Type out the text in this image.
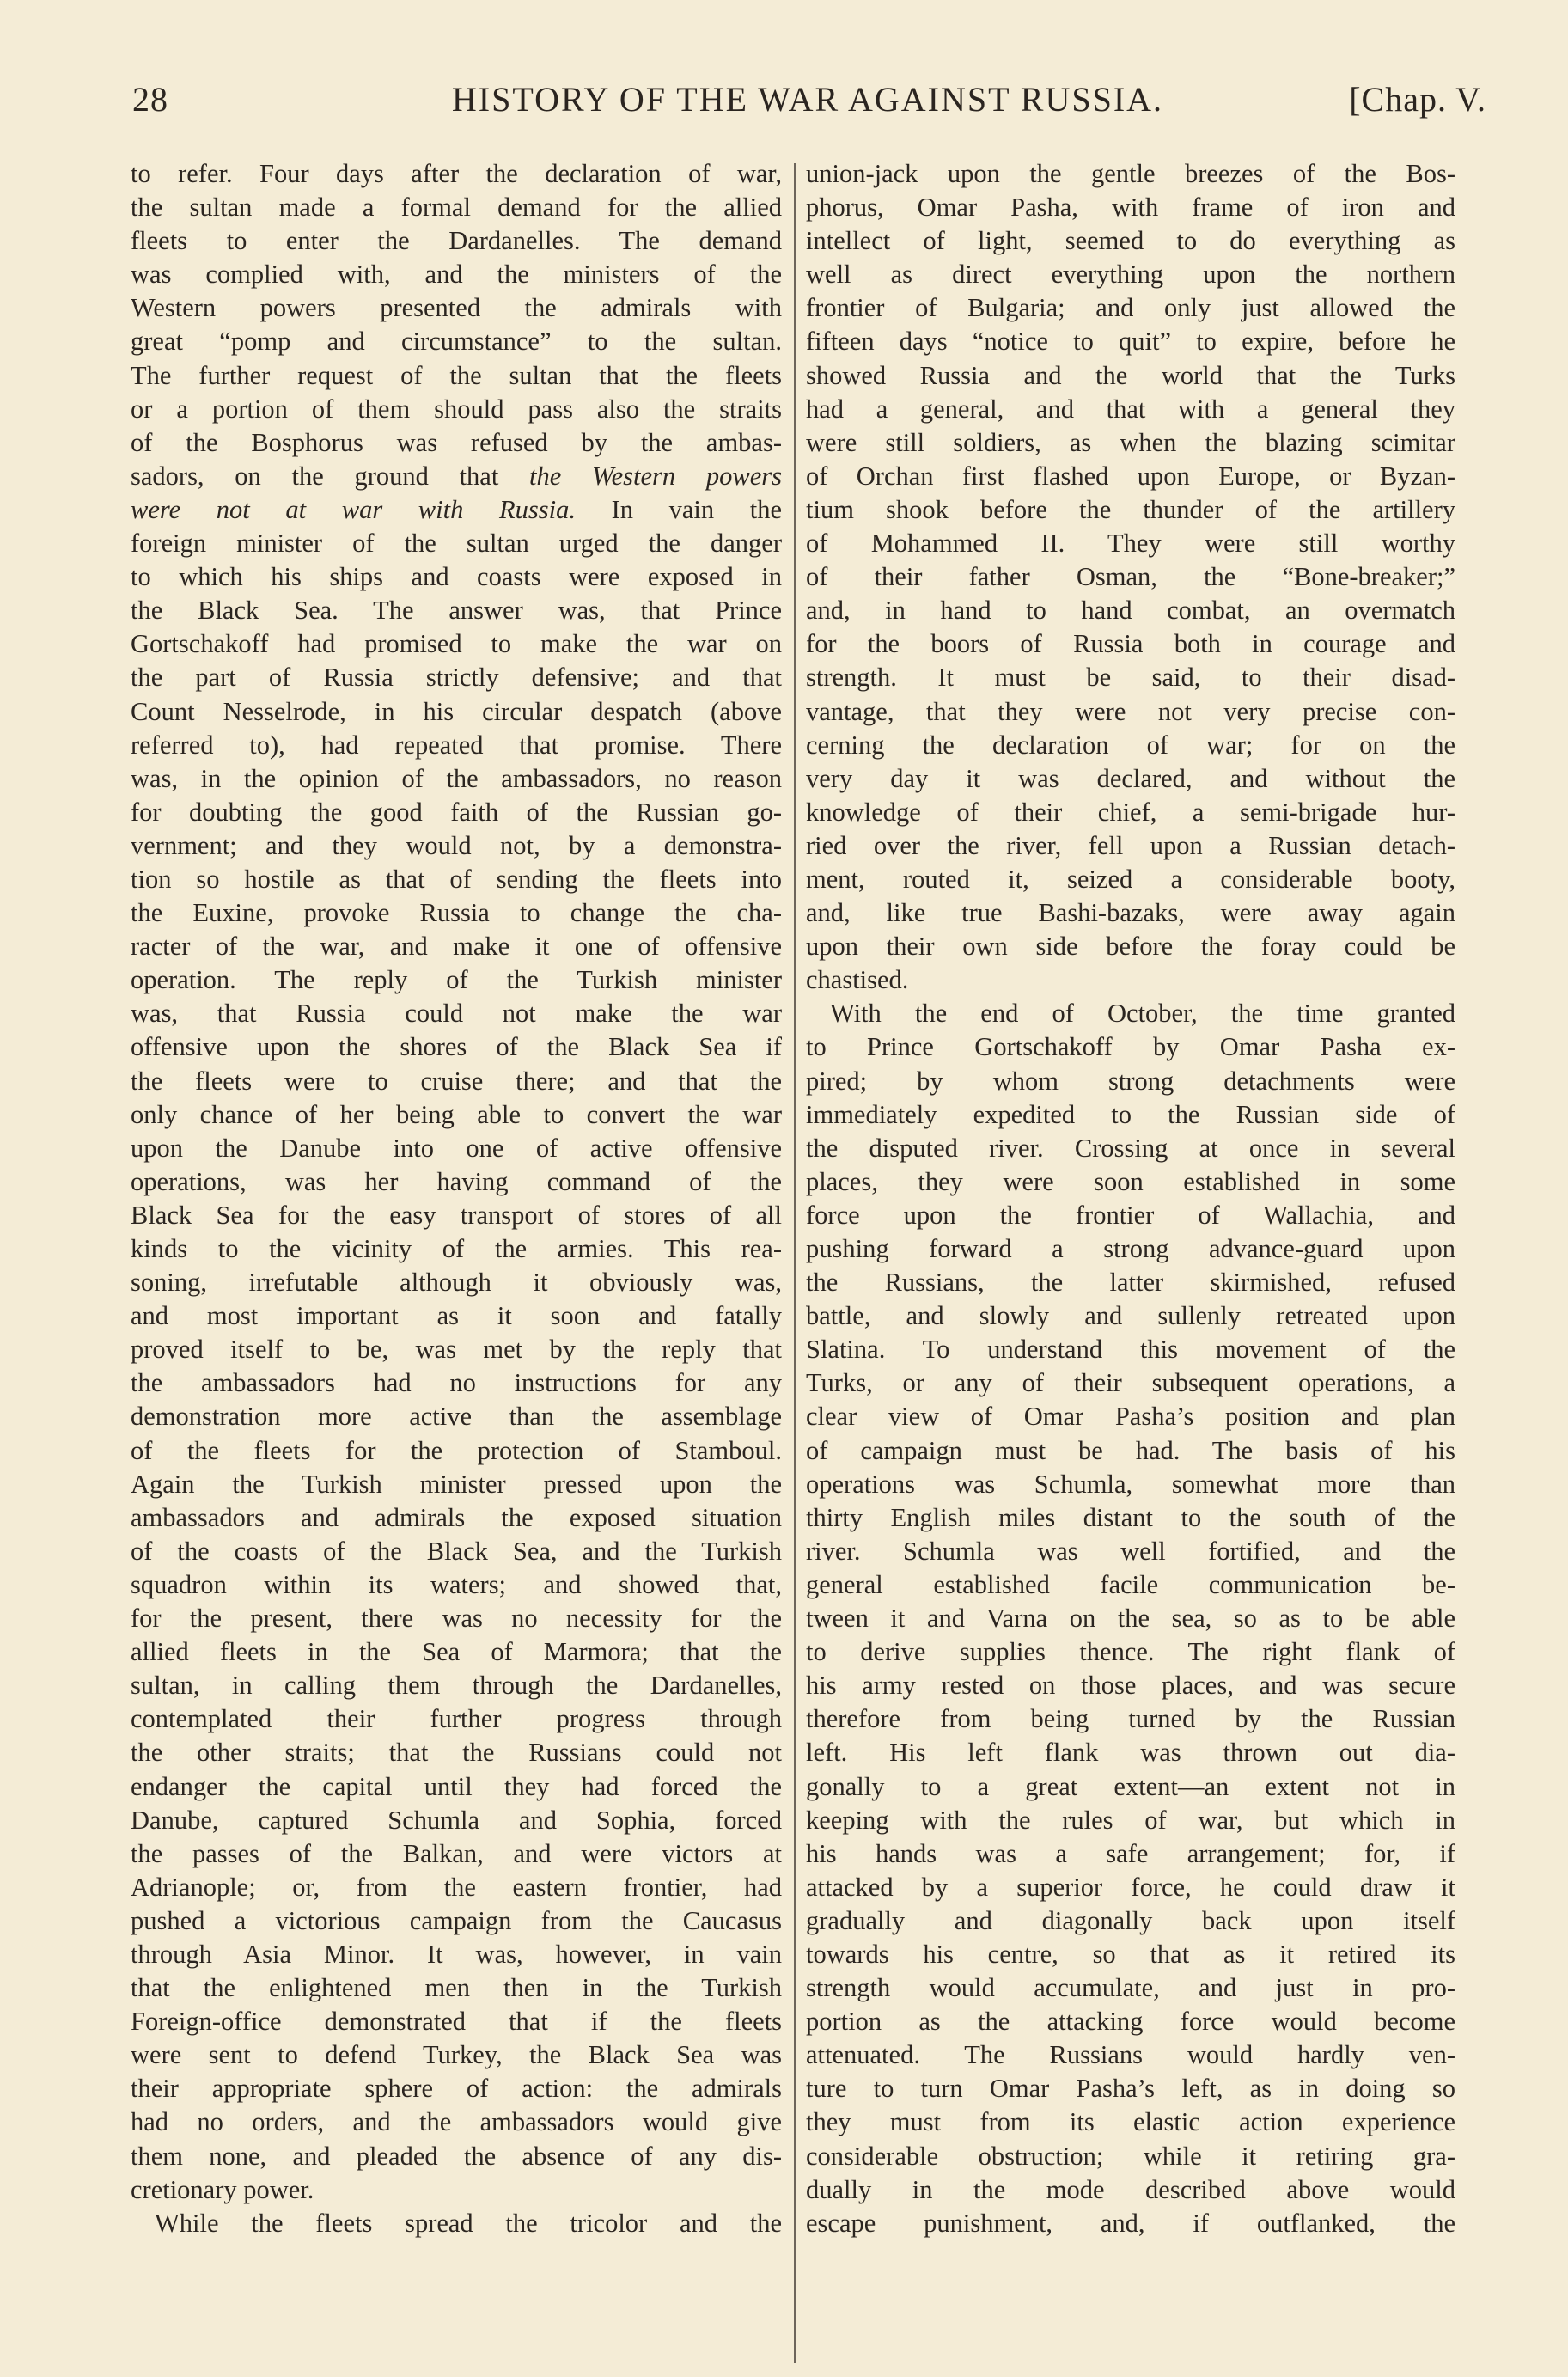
28	HISTORY OF THE WAR AGAINST RUSSIA.	[Chap. V.
to refer. Four days after the declaration of war,
the sultan made a formal demand for the allied
fleets to enter the Dardanelles. The demand
was complied with, and the ministers of the
Western powers presented the admirals with
great “pomp and circumstance” to the sultan.
The further request of the sultan that the fleets
or a portion of them should pass also the straits
of the Bosphorus was refused by the ambas-
sadors, on the ground that the Western powers
were not at war with Russia. In vain the
foreign minister of the sultan urged the danger
to which his ships and coasts were exposed in
the Black Sea. The answer was, that Prince
Gortschakoff had promised to make the war on
the part of Russia strictly defensive; and that
Count Nesselrode, in his circular despatch (above
referred to), had repeated that promise. There
was, in the opinion of the ambassadors, no reason
for doubting the good faith of the Russian go-
vernment; and they would not, by a demonstra-
tion so hostile as that of sending the fleets into
the Euxine, provoke Russia to change the cha-
racter of the war, and make it one of offensive
operation. The reply of the Turkish minister
was, that Russia could not make the war
offensive upon the shores of the Black Sea if
the fleets were to cruise there; and that the
only chance of her being able to convert the war
upon the Danube into one of active offensive
operations, was her having command of the
Black Sea for the easy transport of stores of all
kinds to the vicinity of the armies. This rea-
soning, irrefutable although it obviously was,
and most important as it soon and fatally
proved itself to be, was met by the reply that
the ambassadors had no instructions for any
demonstration more active than the assemblage
of the fleets for the protection of Stamboul.
Again the Turkish minister pressed upon the
ambassadors and admirals the exposed situation
of the coasts of the Black Sea, and the Turkish
squadron within its waters; and showed that,
for the present, there was no necessity for the
allied fleets in the Sea of Marmora; that the
sultan, in calling them through the Dardanelles,
contemplated their further progress through
the other straits; that the Russians could not
endanger the capital until they had forced the
Danube, captured Schumla and Sophia, forced
the passes of the Balkan, and were victors at
Adrianople; or, from the eastern frontier, had
pushed a victorious campaign from the Caucasus
through Asia Minor. It was, however, in vain
that the enlightened men then in the Turkish
Foreign-office demonstrated that if the fleets
were sent to defend Turkey, the Black Sea was
their appropriate sphere of action: the admirals
had no orders, and the ambassadors would give
them none, and pleaded the absence of any dis-
cretionary power.
While the fleets spread the tricolor and the
union-jack upon the gentle breezes of the Bos-
phorus, Omar Pasha, with frame of iron and
intellect of light, seemed to do everything as
well as direct everything upon the northern
frontier of Bulgaria; and only just allowed the
fifteen days “notice to quit” to expire, before he
showed Russia and the world that the Turks
had a general, and that with a general they
were still soldiers, as when the blazing scimitar
of Orchan first flashed upon Europe, or Byzan-
tium shook before the thunder of the artillery
of Mohammed II. They were still worthy
of their father Osman, the “Bone-breaker;”
and, in hand to hand combat, an overmatch
for the boors of Russia both in courage and
strength. It must be said, to their disad-
vantage, that they were not very precise con-
cerning the declaration of war; for on the
very day it was declared, and without the
knowledge of their chief, a semi-brigade hur-
ried over the river, fell upon a Russian detach-
ment, routed it, seized a considerable booty,
and, like true Bashi-bazaks, were away again
upon their own side before the foray could be
chastised.
With the end of October, the time granted
to Prince Gortschakoff by Omar Pasha ex-
pired; by whom strong detachments were
immediately expedited to the Russian side of
the disputed river. Crossing at once in several
places, they were soon established in some
force upon the frontier of Wallachia, and
pushing forward a strong advance-guard upon
the Russians, the latter skirmished, refused
battle, and slowly and sullenly retreated upon
Slatina. To understand this movement of the
Turks, or any of their subsequent operations, a
clear view of Omar Pasha’s position and plan
of campaign must be had. The basis of his
operations was Schumla, somewhat more than
thirty English miles distant to the south of the
river. Schumla was well fortified, and the
general established facile communication be-
tween it and Varna on the sea, so as to be able
to derive supplies thence. The right flank of
his army rested on those places, and was secure
therefore from being turned by the Russian
left. His left flank was thrown out dia-
gonally to a great extent—an extent not in
keeping with the rules of war, but which in
his hands was a safe arrangement; for, if
attacked by a superior force, he could draw it
gradually and diagonally back upon itself
towards his centre, so that as it retired its
strength would accumulate, and just in pro-
portion as the attacking force would become
attenuated. The Russians would hardly ven-
ture to turn Omar Pasha’s left, as in doing so
they must from its elastic action experience
considerable obstruction; while it retiring gra-
dually in the mode described above would
escape punishment, and, if outflanked, the
